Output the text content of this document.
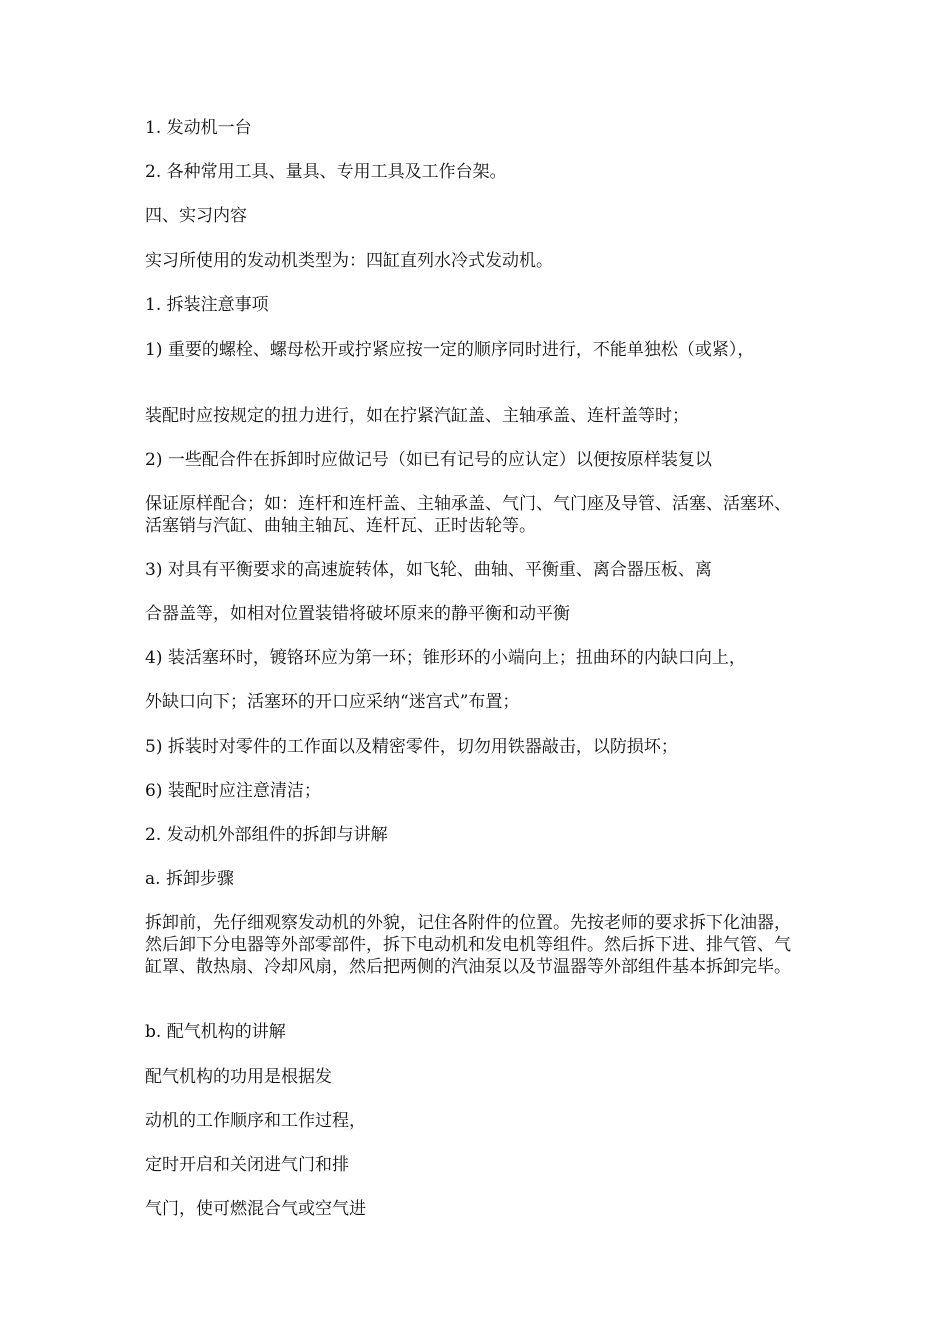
1. 发动机一台

2. 各种常用工具、量具、专用工具及工作台架。

四、实习内容

实习所使用的发动机类型为：四缸直列水冷式发动机。

1. 拆装注意事项

1) 重要的螺栓、螺母松开或拧紧应按一定的顺序同时进行，不能单独松（或紧），

装配时应按规定的扭力进行，如在拧紧汽缸盖、主轴承盖、连杆盖等时；

2) 一些配合件在拆卸时应做记号（如已有记号的应认定）以便按原样装复以

保证原样配合；如：连杆和连杆盖、主轴承盖、气门、气门座及导管、活塞、活塞环、活塞销与汽缸、曲轴主轴瓦、连杆瓦、正时齿轮等。

3) 对具有平衡要求的高速旋转体，如飞轮、曲轴、平衡重、离合器压板、离

合器盖等，如相对位置装错将破坏原来的静平衡和动平衡

4) 装活塞环时，镀铬环应为第一环；锥形环的小端向上；扭曲环的内缺口向上，

外缺口向下；活塞环的开口应采纳“迷宫式”布置；

5) 拆装时对零件的工作面以及精密零件，切勿用铁器敲击，以防损坏；

6) 装配时应注意清洁；

2. 发动机外部组件的拆卸与讲解

a. 拆卸步骤

拆卸前，先仔细观察发动机的外貌，记住各附件的位置。先按老师的要求拆下化油器，然后卸下分电器等外部零部件，拆下电动机和发电机等组件。然后拆下进、排气管、气缸罩、散热扇、冷却风扇，然后把两侧的汽油泵以及节温器等外部组件基本拆卸完毕。

b. 配气机构的讲解

配气机构的功用是根据发

动机的工作顺序和工作过程，

定时开启和关闭进气门和排

气门，使可燃混合气或空气进
